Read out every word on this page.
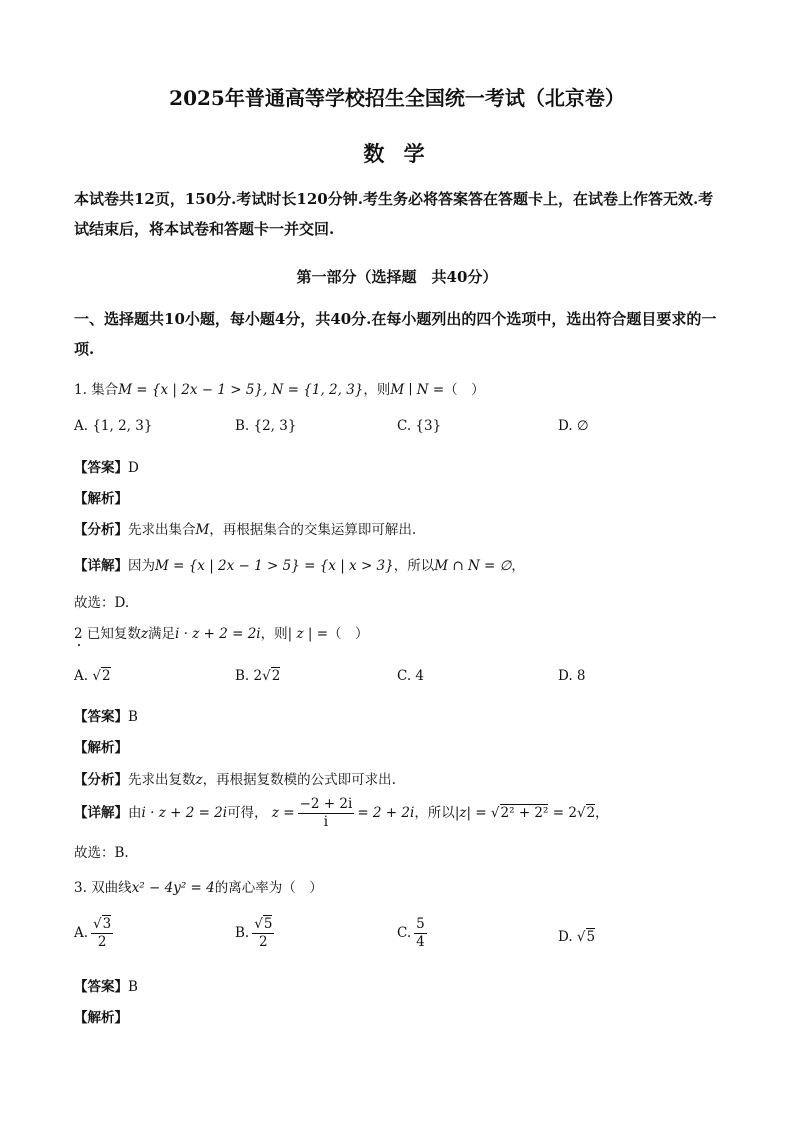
2025年普通高等学校招生全国统一考试（北京卷）
数 学
本试卷共12页，150分.考试时长120分钟.考生务必将答案答在答题卡上，在试卷上作答无效.考试结束后，将本试卷和答题卡一并交回.
第一部分（选择题　共40分）
一、选择题共10小题，每小题4分，共40分.在每小题列出的四个选项中，选出符合题目要求的一项.
1. 集合M = {x | 2x − 1 > 5}, N = {1, 2, 3}，则M ∣ N =（　）
A. {1, 2, 3}	B. {2, 3}	C. {3}	D. ∅
【答案】D
【解析】
【分析】先求出集合M，再根据集合的交集运算即可解出.
【详解】因为M = {x | 2x − 1 > 5} = {x | x > 3}，所以M ∩ N = ∅，
故选：D.
2 已知复数z满足i · z + 2 = 2i，则| z | =（　）
A. √2	B. 2√2	C. 4	D. 8
【答案】B
【解析】
【分析】先求出复数z，再根据复数模的公式即可求出.
【详解】由i · z + 2 = 2i可得， $z = \frac{-2 + 2i}{i} = 2 + 2i$，所以|z| = √2² + 2² = 2√2，
故选：B.
3. 双曲线x² − 4y² = 4的离心率为（　）
A. $\frac{√3}{2}$	B. $\frac{√5}{2}$	C. $\frac{5}{4}$	D. √5
【答案】B
【解析】
